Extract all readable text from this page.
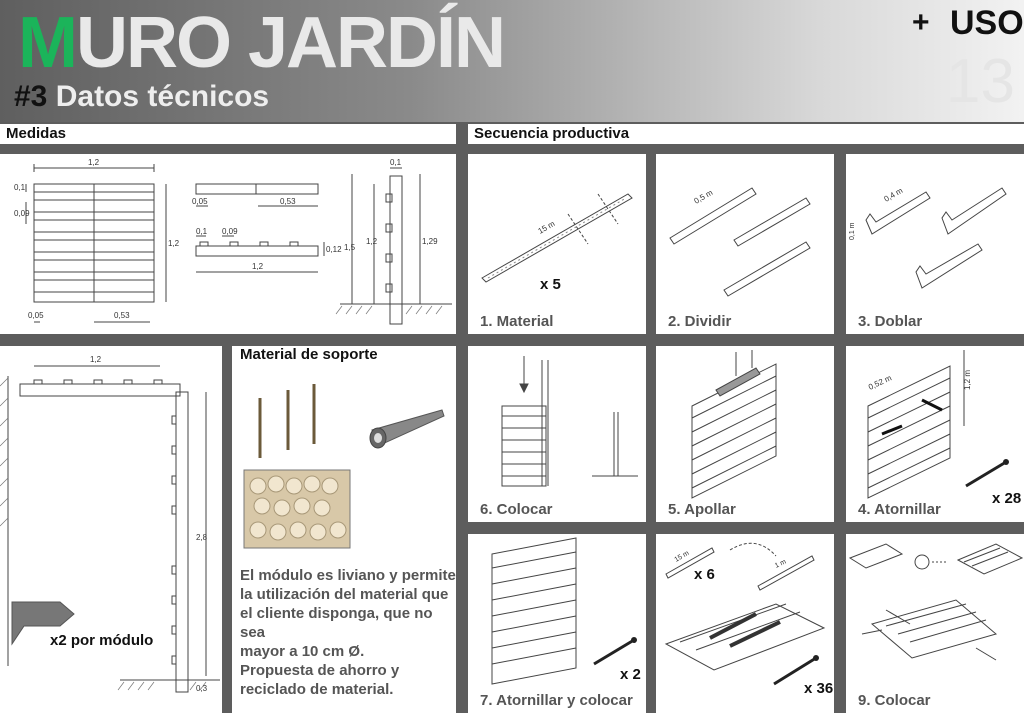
MURO JARDÍN
#3 Datos técnicos
+ USO
13
Medidas	Secuencia productiva
1,2
0,1
0,09
1,2
0,05	0,53
0,05	0,53
0,1 0,09
0,12
1,2
0,1
1,5
1,2	1,29
1,2
2,8
0,3
x2 por módulo
Material de soporte
El módulo es liviano y permite
la utilización del material que
el cliente disponga, que no sea
mayor a 10 cm Ø.
Propuesta de ahorro y
reciclado de material.
15 m
x 5
1. Material
0,5 m
2. Dividir
0,4 m
0,1 m
3. Doblar
6. Colocar	5. Apollar
0,52 m	1,2 m
x 28
4. Atornillar
x 2
7. Atornillar y colocar
15 m
1 m
x 6
x 36
9. Colocar
